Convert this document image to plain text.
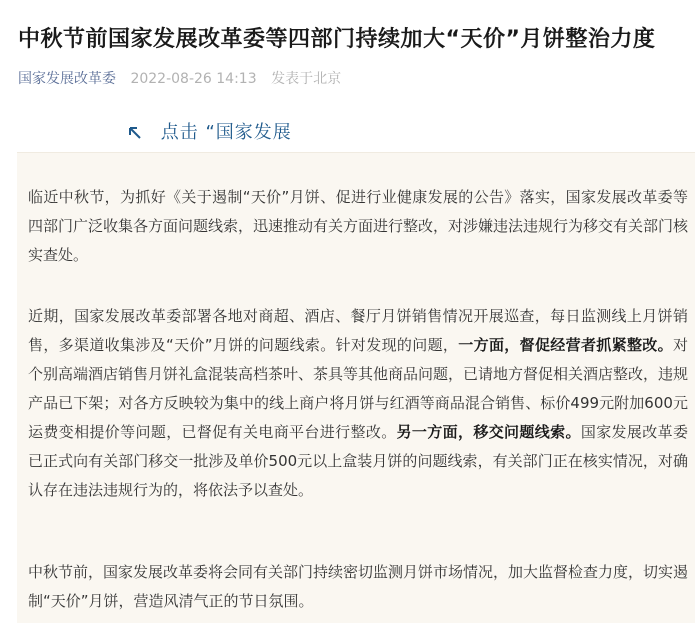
中秋节前国家发展改革委等四部门持续加大“天价”月饼整治力度
国家发展改革委 2022-08-26 14:13 发表于北京
点击 “国家发展

临近中秋节，为抓好《关于遏制“天价”月饼、促进行业健康发展的公告》落实，国家发展改革委等四部门广泛收集各方面问题线索，迅速推动有关方面进行整改，对涉嫌违法违规行为移交有关部门核实查处。

近期，国家发展改革委部署各地对商超、酒店、餐厅月饼销售情况开展巡查，每日监测线上月饼销售，多渠道收集涉及“天价”月饼的问题线索。针对发现的问题，一方面，督促经营者抓紧整改。对个别高端酒店销售月饼礼盒混装高档茶叶、茶具等其他商品问题，已请地方督促相关酒店整改，违规产品已下架；对各方反映较为集中的线上商户将月饼与红酒等商品混合销售、标价499元附加600元运费变相提价等问题，已督促有关电商平台进行整改。另一方面，移交问题线索。国家发展改革委已正式向有关部门移交一批涉及单价500元以上盒装月饼的问题线索，有关部门正在核实情况，对确认存在违法违规行为的，将依法予以查处。

中秋节前，国家发展改革委将会同有关部门持续密切监测月饼市场情况，加大监督检查力度，切实遏制“天价”月饼，营造风清气正的节日氛围。
